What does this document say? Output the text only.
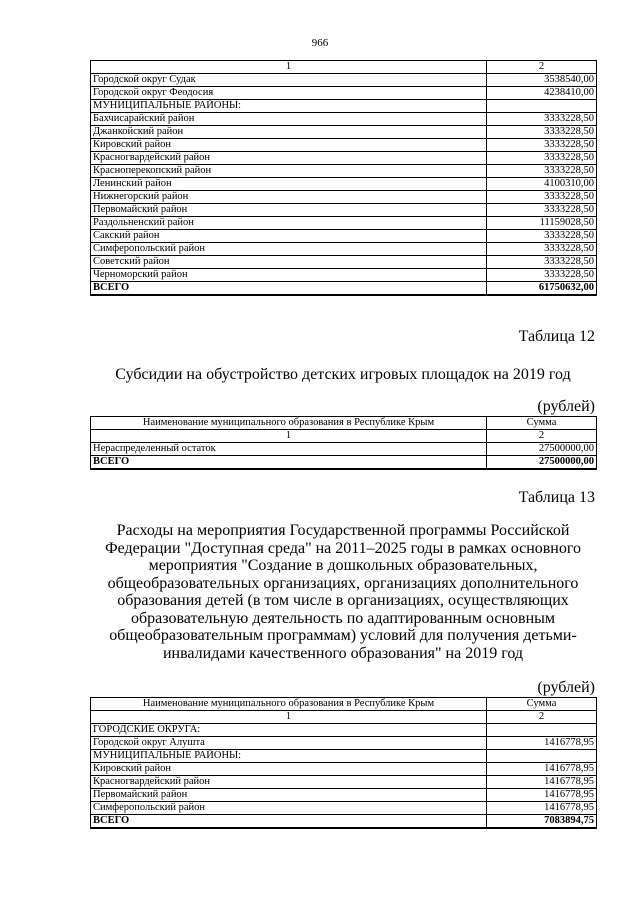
966
1	2
Городской округ Судак	3538540,00
Городской округ Феодосия	4238410,00
МУНИЦИПАЛЬНЫЕ РАЙОНЫ:	
Бахчисарайский район	3333228,50
Джанкойский район	3333228,50
Кировский район	3333228,50
Красногвардейский район	3333228,50
Красноперекопский район	3333228,50
Ленинский район	4100310,00
Нижнегорский район	3333228,50
Первомайский район	3333228,50
Раздольненский район	11159028,50
Сакский район	3333228,50
Симферопольский район	3333228,50
Советский район	3333228,50
Черноморский район	3333228,50
ВСЕГО	61750632,00
Таблица 12
Субсидии на обустройство детских игровых площадок на 2019 год
(рублей)
Наименование муниципального образования в Республике Крым	Сумма
1	2
Нераспределенный остаток	27500000,00
ВСЕГО	27500000,00
Таблица 13
Расходы на мероприятия Государственной программы Российской
Федерации "Доступная среда" на 2011–2025 годы в рамках основного
мероприятия "Создание в дошкольных образовательных,
общеобразовательных организациях, организациях дополнительного
образования детей (в том числе в организациях, осуществляющих
образовательную деятельность по адаптированным основным
общеобразовательным программам) условий для получения детьми-
инвалидами качественного образования" на 2019 год
(рублей)
Наименование муниципального образования в Республике Крым	Сумма
1	2
ГОРОДСКИЕ ОКРУГА:	
Городской округ Алушта	1416778,95
МУНИЦИПАЛЬНЫЕ РАЙОНЫ:	
Кировский район	1416778,95
Красногвардейский район	1416778,95
Первомайский район	1416778,95
Симферопольский район	1416778,95
ВСЕГО	7083894,75
